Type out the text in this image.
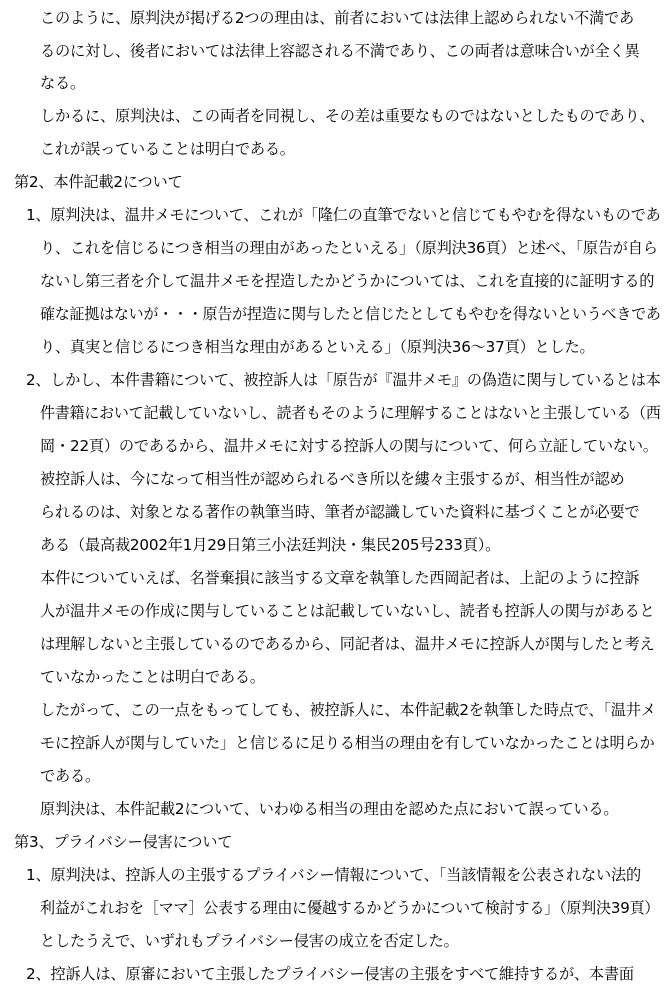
このように、原判決が掲げる2つの理由は、前者においては法律上認められない不満であ
るのに対し、後者においては法律上容認される不満であり、この両者は意味合いが全く異
なる。
しかるに、原判決は、この両者を同視し、その差は重要なものではないとしたものであり、
これが誤っていることは明白である。
第2、本件記載2について
1、原判決は、温井メモについて、これが「隆仁の直筆でないと信じてもやむを得ないものであ
り、これを信じるにつき相当の理由があったといえる」（原判決36頁）と述べ、「原告が自ら
ないし第三者を介して温井メモを捏造したかどうかについては、これを直接的に証明する的
確な証拠はないが・・・原告が捏造に関与したと信じたとしてもやむを得ないというべきであ
り、真実と信じるにつき相当な理由があるといえる」（原判決36～37頁）とした。
2、しかし、本件書籍について、被控訴人は「原告が『温井メモ』の偽造に関与しているとは本
件書籍において記載していないし、読者もそのように理解することはないと主張している（西
岡・22頁）のであるから、温井メモに対する控訴人の関与について、何ら立証していない。
被控訴人は、今になって相当性が認められるべき所以を縷々主張するが、相当性が認め
られるのは、対象となる著作の執筆当時、筆者が認識していた資料に基づくことが必要で
ある（最高裁2002年1月29日第三小法廷判決・集民205号233頁）。
本件についていえば、名誉棄損に該当する文章を執筆した西岡記者は、上記のように控訴
人が温井メモの作成に関与していることは記載していないし、読者も控訴人の関与があると
は理解しないと主張しているのであるから、同記者は、温井メモに控訴人が関与したと考え
ていなかったことは明白である。
したがって、この一点をもってしても、被控訴人に、本件記載2を執筆した時点で、「温井メ
モに控訴人が関与していた」と信じるに足りる相当の理由を有していなかったことは明らか
である。
原判決は、本件記載2について、いわゆる相当の理由を認めた点において誤っている。
第3、プライバシー侵害について
1、原判決は、控訴人の主張するプライバシー情報について、「当該情報を公表されない法的
利益がこれおを［ママ］公表する理由に優越するかどうかについて検討する」（原判決39頁）
としたうえで、いずれもプライバシー侵害の成立を否定した。
2、控訴人は、原審において主張したプライバシー侵害の主張をすべて維持するが、本書面
